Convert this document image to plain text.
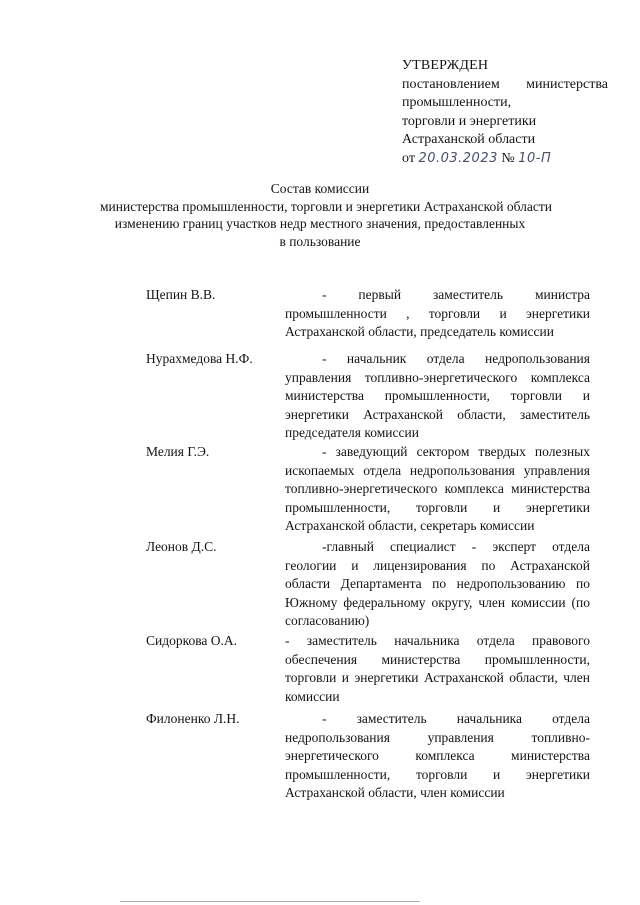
УТВЕРЖДЕН
постановлением министерства
промышленности,
торговли и энергетики
Астраханской области
от 20.03.2023 № 10-П
Состав комиссии
министерства промышленности, торговли и энергетики Астраханской области
изменению границ участков недр местного значения, предоставленных
в пользование
Щепин В.В.	- первый заместитель министра промышленности , торговли и энергетики Астраханской области, председатель комиссии
Нурахмедова Н.Ф.	- начальник отдела недропользования управления топливно-энергетического комплекса министерства промышленности, торговли и энергетики Астраханской области, заместитель председателя комиссии
Мелия Г.Э.	- заведующий сектором твердых полезных ископаемых отдела недропользования управления топливно-энергетического комплекса министерства промышленности, торговли и энергетики Астраханской области, секретарь комиссии
Леонов Д.С.	-главный специалист - эксперт отдела геологии и лицензирования по Астраханской области Департамента по недропользованию по Южному федеральному округу, член комиссии (по согласованию)
Сидоркова О.А.	- заместитель начальника отдела правового обеспечения министерства промышленности, торговли и энергетики Астраханской области, член комиссии
Филоненко Л.Н.	- заместитель начальника отдела недропользования управления топливно-энергетического комплекса министерства промышленности, торговли и энергетики Астраханской области, член комиссии
